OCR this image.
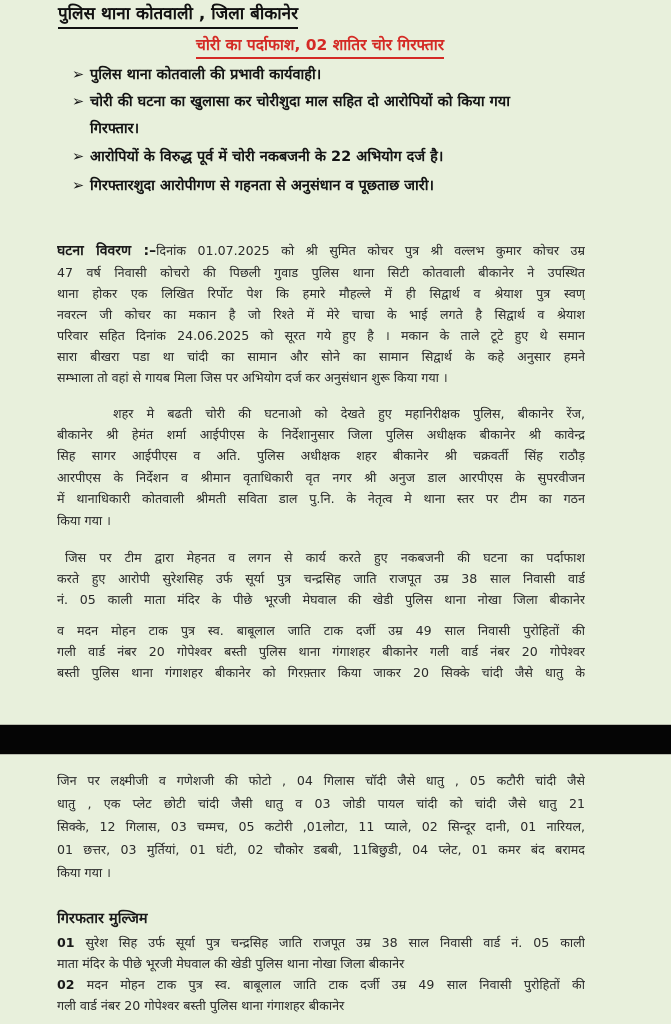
पुलिस थाना कोतवाली , जिला बीकानेर
चोरी का पर्दाफाश, 02 शातिर चोर गिरफ्तार
➢ पुलिस थाना कोतवाली की प्रभावी कार्यवाही।
➢ चोरी की घटना का खुलासा कर चोरीशुदा माल सहित दो आरोपियों को किया गया
गिरफ्तार।
➢ आरोपियों के विरुद्ध पूर्व में चोरी नकबजनी के 22 अभियोग दर्ज है।
➢ गिरफ्तारशुदा आरोपीगण से गहनता से अनुसंधान व पूछताछ जारी।
घटना विवरण :–दिनांक 01.07.2025 को श्री सुमित कोचर पुत्र श्री वल्लभ कुमार कोचर उम्र
47 वर्ष निवासी कोचरो की पिछली गुवाड पुलिस थाना सिटी कोतवाली बीकानेर ने उपस्थित
थाना होकर एक लिखित रिर्पोट पेश कि हमारे मौहल्ले में ही सिद्वार्थ व श्रेयाश पुत्र स्वण्
नवरत्न जी कोचर का मकान है जो रिश्ते में मेरे चाचा के भाई लगते है सिद्वार्थ व श्रेयाश
परिवार सहित दिनांक 24.06.2025 को सूरत गये हुए है । मकान के ताले टूटे हुए थे समान
सारा बीखरा पडा था चांदी का सामान और सोने का सामान सिद्वार्थ के कहे अनुसार हमने
सम्भाला तो वहां से गायब मिला जिस पर अभियोग दर्ज कर अनुसंधान शुरू किया गया ।
शहर मे बढती चोरी की घटनाओ को देखते हुए महानिरीक्षक पुलिस, बीकानेर रेंज,
बीकानेर श्री हेमंत शर्मा आईपीएस के निर्देशानुसार जिला पुलिस अधीक्षक बीकानेर श्री कावेन्द्र
सिह सागर आईपीएस व अति. पुलिस अधीक्षक शहर बीकानेर श्री चक्रवर्ती सिंह राठौड़
आरपीएस के निर्देशन व श्रीमान वृताधिकारी वृत नगर श्री अनुज डाल आरपीएस के सुपरवीजन
में थानाधिकारी कोतवाली श्रीमती सविता डाल पु.नि. के नेतृत्व मे थाना स्तर पर टीम का गठन
किया गया ।
जिस पर टीम द्वारा मेहनत व लगन से कार्य करते हुए नकबजनी की घटना का पर्दाफाश
करते हुए आरोपी सुरेशसिह उर्फ सूर्या पुत्र चन्द्रसिह जाति राजपूत उम्र 38 साल निवासी वार्ड
नं. 05 काली माता मंदिर के पीछे भूरजी मेघवाल की खेडी पुलिस थाना नोखा जिला बीकानेर
व मदन मोहन टाक पुत्र स्व. बाबूलाल जाति टाक दर्जी उम्र 49 साल निवासी पुरोहितों की
गली वार्ड नंबर 20 गोपेश्वर बस्ती पुलिस थाना गंगाशहर बीकानेर गली वार्ड नंबर 20 गोपेश्वर
बस्ती पुलिस थाना गंगाशहर बीकानेर को गिरफ़्तार किया जाकर 20 सिक्के चांदी जैसे धातु के
जिन पर लक्ष्मीजी व गणेशजी की फोटो , 04 गिलास चॉदी जैसे धातु , 05 कटौरी चांदी जैसे
धातु , एक प्लेट छोटी चांदी जैसी धातु व 03 जोडी पायल चांदी को चांदी जैसे धातु 21
सिक्के, 12 गिलास, 03 चम्मच, 05 कटोरी ,01लोटा, 11 प्याले, 02 सिन्दूर दानी, 01 नारियल,
01 छत्तर, 03 मुर्तियां, 01 घंटी, 02 चौकोर डबबी, 11बिछुडी, 04 प्लेट, 01 कमर बंद बरामद
किया गया ।
गिरफतार मुल्जिम
01 सुरेश सिह उर्फ सूर्या पुत्र चन्द्रसिह जाति राजपूत उम्र 38 साल निवासी वार्ड नं. 05 काली
माता मंदिर के पीछे भूरजी मेघवाल की खेडी पुलिस थाना नोखा जिला बीकानेर
02 मदन मोहन टाक पुत्र स्व. बाबूलाल जाति टाक दर्जी उम्र 49 साल निवासी पुरोहितों की
गली वार्ड नंबर 20 गोपेश्वर बस्ती पुलिस थाना गंगाशहर बीकानेर
